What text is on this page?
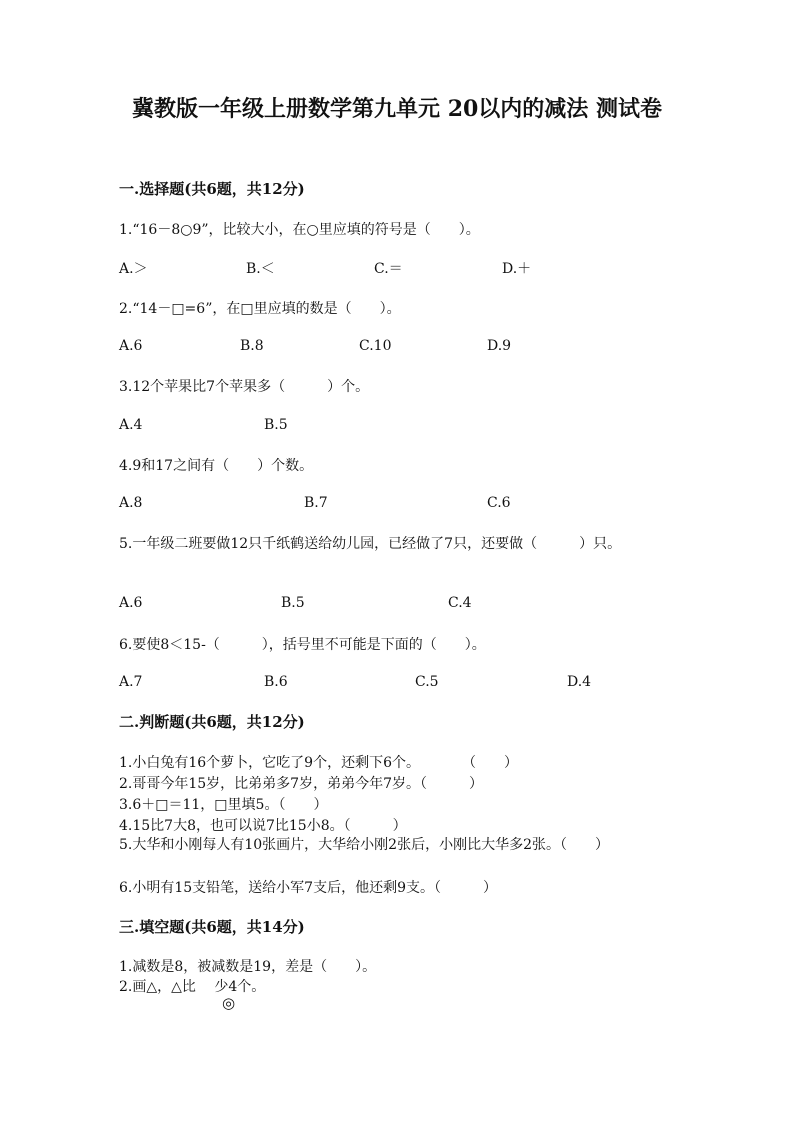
冀教版一年级上册数学第九单元 20以内的减法 测试卷
一.选择题(共6题，共12分)
1.“16－8○9”，比较大小，在○里应填的符号是（　　）。
A.＞	B.＜	C.＝	D.＋
2.“14－□=6”，在□里应填的数是（　　）。
A.6	B.8	C.10	D.9
3.12个苹果比7个苹果多（　　　）个。
A.4	B.5
4.9和17之间有（　　）个数。
A.8	B.7	C.6
5.一年级二班要做12只千纸鹤送给幼儿园，已经做了7只，还要做（　　　）只。
A.6	B.5	C.4
6.要使8＜15-（　　　），括号里不可能是下面的（　　）。
A.7	B.6	C.5	D.4
二.判断题(共6题，共12分)
1.小白兔有16个萝卜，它吃了9个，还剩下6个。　　　　（　　）
2.哥哥今年15岁，比弟弟多7岁，弟弟今年7岁。（　　　）
3.6＋□＝11，□里填5。（　　）
4.15比7大8，也可以说7比15小8。（　　　）
5.大华和小刚每人有10张画片，大华给小刚2张后，小刚比大华多2张。（　　）
6.小明有15支铅笔，送给小军7支后，他还剩9支。（　　　）
三.填空题(共6题，共14分)
1.减数是8，被减数是19，差是（　　）。
2.画△，△比　 少4个。
◎
